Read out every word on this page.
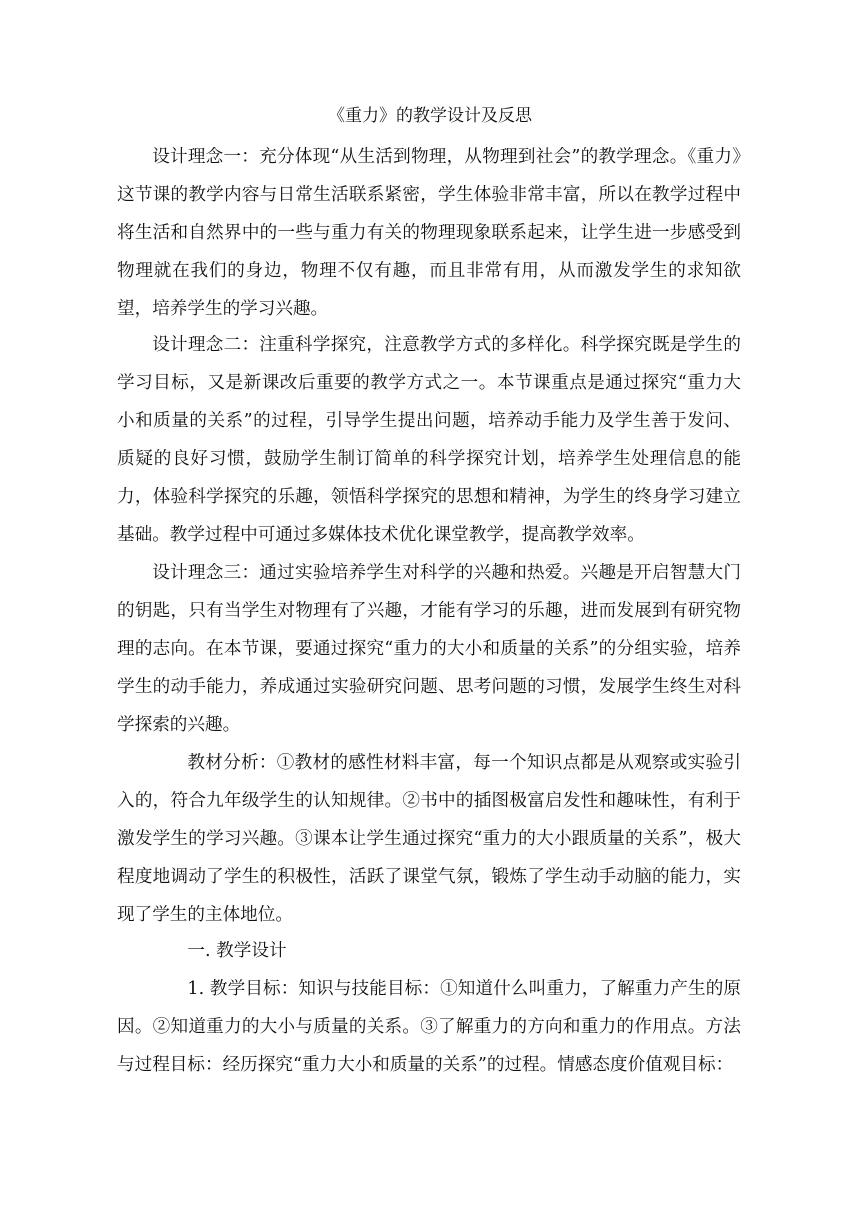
《重力》的教学设计及反思

设计理念一：充分体现“从生活到物理，从物理到社会”的教学理念。《重力》这节课的教学内容与日常生活联系紧密，学生体验非常丰富，所以在教学过程中将生活和自然界中的一些与重力有关的物理现象联系起来，让学生进一步感受到物理就在我们的身边，物理不仅有趣，而且非常有用，从而激发学生的求知欲望，培养学生的学习兴趣。

设计理念二：注重科学探究，注意教学方式的多样化。科学探究既是学生的学习目标，又是新课改后重要的教学方式之一。本节课重点是通过探究“重力大小和质量的关系”的过程，引导学生提出问题，培养动手能力及学生善于发问、质疑的良好习惯，鼓励学生制订简单的科学探究计划，培养学生处理信息的能力，体验科学探究的乐趣，领悟科学探究的思想和精神，为学生的终身学习建立基础。教学过程中可通过多媒体技术优化课堂教学，提高教学效率。

设计理念三：通过实验培养学生对科学的兴趣和热爱。兴趣是开启智慧大门的钥匙，只有当学生对物理有了兴趣，才能有学习的乐趣，进而发展到有研究物理的志向。在本节课，要通过探究“重力的大小和质量的关系”的分组实验，培养学生的动手能力，养成通过实验研究问题、思考问题的习惯，发展学生终生对科学探索的兴趣。

教材分析：①教材的感性材料丰富，每一个知识点都是从观察或实验引入的，符合九年级学生的认知规律。②书中的插图极富启发性和趣味性，有利于激发学生的学习兴趣。③课本让学生通过探究“重力的大小跟质量的关系”，极大程度地调动了学生的积极性，活跃了课堂气氛，锻炼了学生动手动脑的能力，实现了学生的主体地位。

一. 教学设计

1. 教学目标：知识与技能目标：①知道什么叫重力，了解重力产生的原因。②知道重力的大小与质量的关系。③了解重力的方向和重力的作用点。方法与过程目标：经历探究“重力大小和质量的关系”的过程。情感态度价值观目标：
